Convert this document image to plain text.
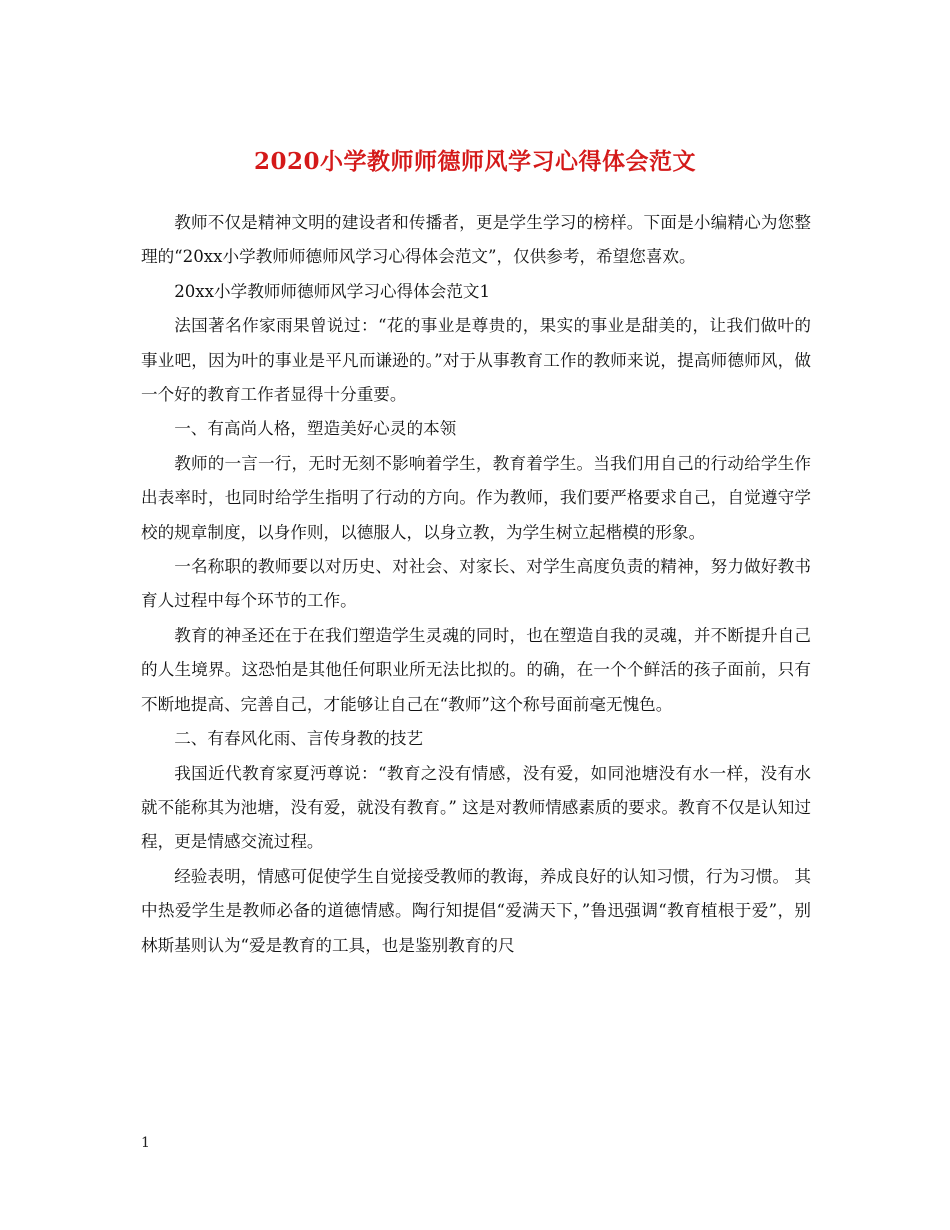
2020小学教师师德师风学习心得体会范文

教师不仅是精神文明的建设者和传播者，更是学生学习的榜样。下面是小编精心为您整理的“20xx小学教师师德师风学习心得体会范文”，仅供参考，希望您喜欢。

20xx小学教师师德师风学习心得体会范文1

法国著名作家雨果曾说过：“花的事业是尊贵的，果实的事业是甜美的，让我们做叶的事业吧，因为叶的事业是平凡而谦逊的。”对于从事教育工作的教师来说，提高师德师风，做一个好的教育工作者显得十分重要。

一、有高尚人格，塑造美好心灵的本领

教师的一言一行，无时无刻不影响着学生，教育着学生。当我们用自己的行动给学生作出表率时，也同时给学生指明了行动的方向。作为教师，我们要严格要求自己，自觉遵守学校的规章制度，以身作则，以德服人，以身立教，为学生树立起楷模的形象。

一名称职的教师要以对历史、对社会、对家长、对学生高度负责的精神，努力做好教书育人过程中每个环节的工作。

教育的神圣还在于在我们塑造学生灵魂的同时，也在塑造自我的灵魂，并不断提升自己的人生境界。这恐怕是其他任何职业所无法比拟的。的确，在一个个鲜活的孩子面前，只有不断地提高、完善自己，才能够让自己在“教师”这个称号面前毫无愧色。

二、有春风化雨、言传身教的技艺

我国近代教育家夏沔尊说：“教育之没有情感，没有爱，如同池塘没有水一样，没有水就不能称其为池塘，没有爱，就没有教育。” 这是对教师情感素质的要求。教育不仅是认知过程，更是情感交流过程。

经验表明，情感可促使学生自觉接受教师的教诲，养成良好的认知习惯，行为习惯。 其中热爱学生是教师必备的道德情感。陶行知提倡“爱满天下，”鲁迅强调“教育植根于爱”，别林斯基则认为“爱是教育的工具，也是鉴别教育的尺

1
